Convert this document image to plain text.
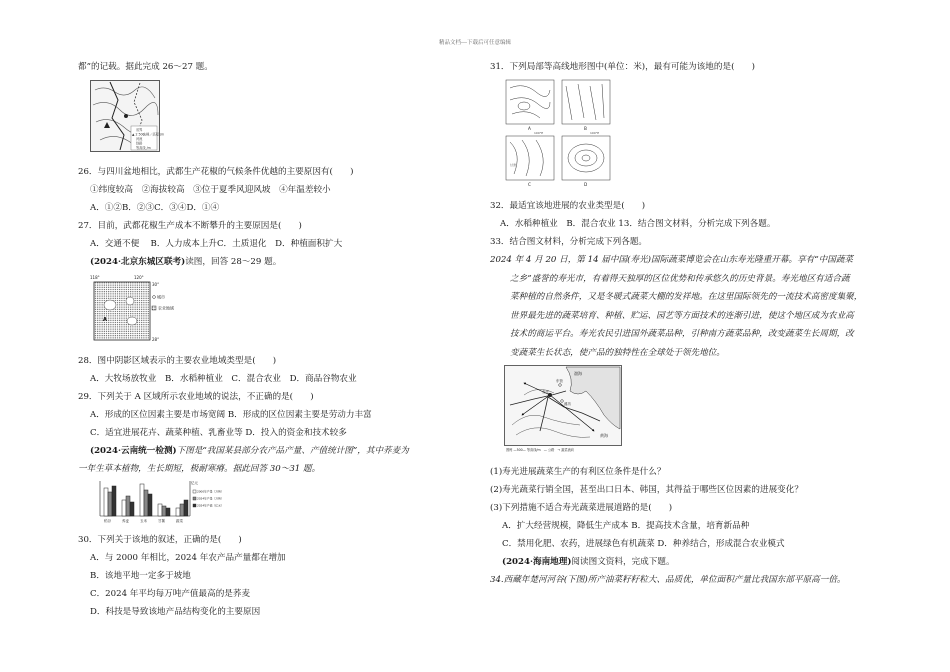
精品文档---下载后可任意编辑
都”的记载。据此完成 26～27 题。
省界
▲ 2 500
山峰／高程 /m
河流
铁路
等高线 /m
26．与四川盆地相比，武都生产花椒的气候条件优越的主要原因有(　　)
①纬度较高　②海拔较高　③位于夏季风迎风坡　④年温差较小
A．①②B．②③C．③④D．①④
27．目前，武都花椒生产成本不断攀升的主要原因是(　　)
A．交通不便　 B．人力成本上升C．土质退化　D．种植面积扩大
(2024·北京东城区联考)读图，回答 28～29 题。
118°	120°
A
30°
28°
城市
农业地域
28．图中阴影区域表示的主要农业地域类型是(　　)
A．大牧场放牧业　B．水稻种植业　C．混合农业　D．商品谷物农业
29．下列关于 A 区域所示农业地域的说法，不正确的是(　　)
A．形成的区位因素主要是市场宽阔 B．形成的区位因素主要是劳动力丰富
C．适宜进展花卉、蔬菜种植、乳畜业等 D．投入的资金和技术较多
(2024·云南统一检测)下图是“我国某县部分农产品产量、产值统计图”，其中荞麦为
一年生草本植物，生长期短，极耐寒瘠。据此回答 30～31 题。
亿元
稻谷	荞麦	玉米	甘薯	蔬菜
2000年产量（万吨）
2024年产量（万吨）
2024年产值（亿元）
30．下列关于该地的叙述，正确的是(　　)
A．与 2000 年相比，2024 年农产品产量都在增加
B．该地平地一定多于坡地
C．2024 年平均每万吨产值最高的是荞麦
D．科技是导致该地产品结构变化的主要原因
31．下列局部等高线地形图中(单位：米)，最有可能为该地的是(　　)
A	B
C	D
100°E	100°E
甘肃
32．最适宜该地进展的农业类型是(　　)
A．水稻种植业　B．混合农业 13．结合图文材料，分析完成下列各题。
33．结合图文材料，分析完成下列各题。
2024 年 4 月 20 日，第 14 届中国(寿光)国际蔬菜博览会在山东寿光隆重开幕。享有“中国蔬菜
之乡”盛誉的寿光市，有着得天独厚的区位优势和传承悠久的历史背景。寿光地区有适合蔬
菜种植的自然条件，又是冬暖式蔬菜大棚的发祥地。在这里国际领先的一流技术高密度集聚，
世界最先进的蔬菜培育、种植、贮运、园艺等方面技术的连渐引进，使这个地区成为农业高
技术的商运平台。寿光农民引进国外蔬菜品种，引种南方蔬菜品种，改变蔬菜生长周期，改
变蔬菜生长状态，使产品的独特性在全球处于领先地位。
渤海
黄海
东营
寿光
潍坊
图例 —500— 等高线/m　— 公路　→ 蔬菜流向
(1)寿光进展蔬菜生产的有利区位条件是什么？
(2)寿光蔬菜行销全国，甚至出口日本、韩国，其得益于哪些区位因素的进展变化？
(3)下列措施不适合寿光蔬菜进展道路的是(　　)
A．扩大经营规模，降低生产成本 B．提高技术含量，培育新品种
C．禁用化肥、农药，进展绿色有机蔬菜 D．种养结合，形成混合农业模式
(2024·海南地理)阅读图文资料，完成下题。
34.西藏年楚河河谷(下图)所产油菜籽籽粒大、品质优，单位面积产量比我国东部平原高一倍。
